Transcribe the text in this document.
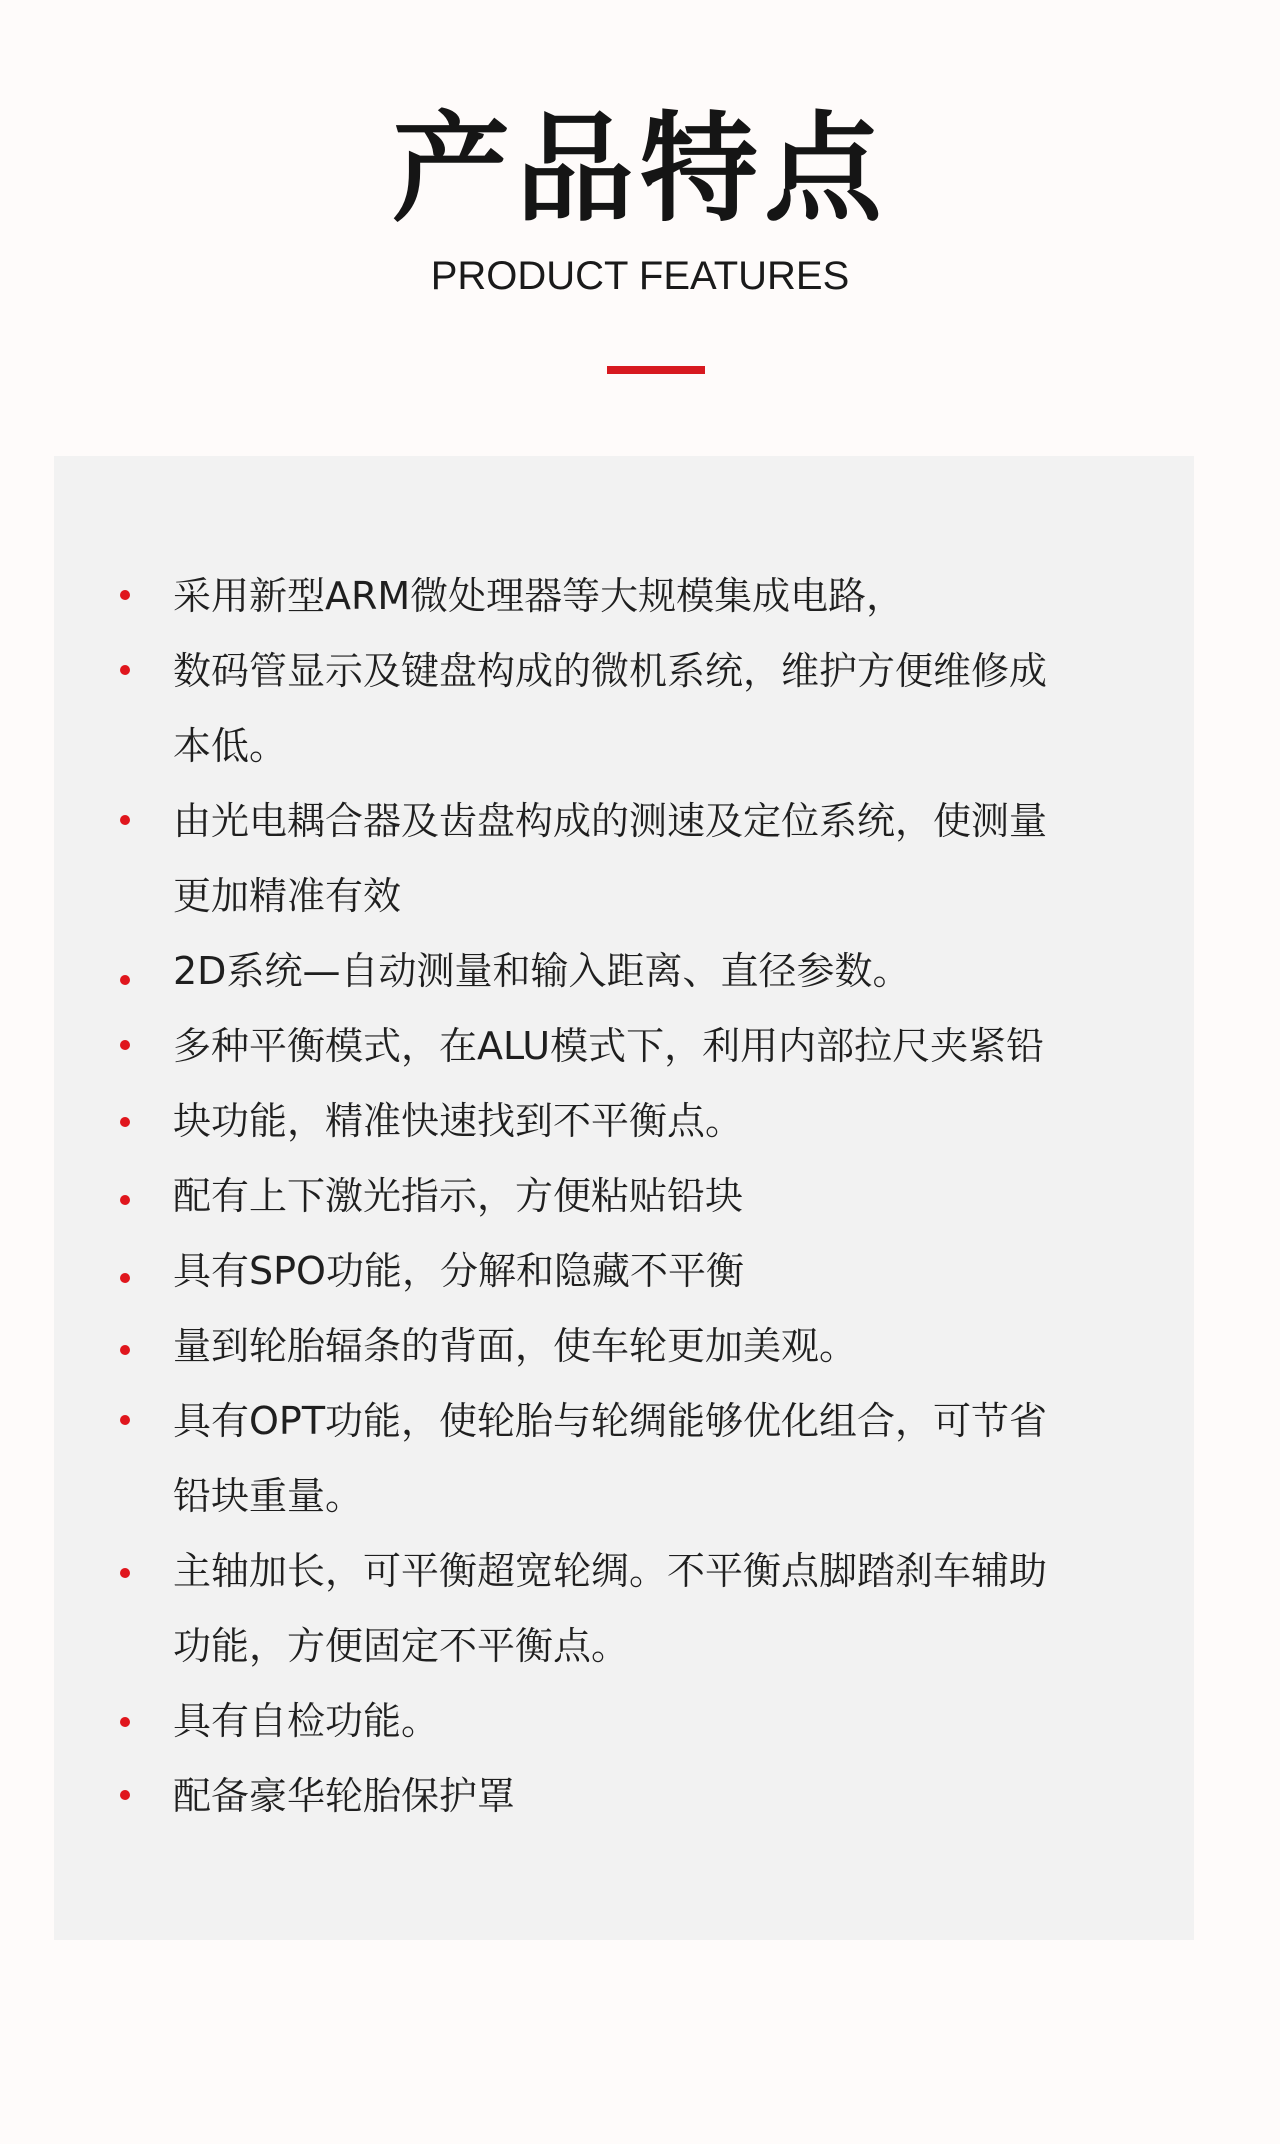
产品特点
PRODUCT FEATURES
采用新型ARM微处理器等大规模集成电路，
数码管显示及键盘构成的微机系统，维护方便维修成
本低。
由光电耦合器及齿盘构成的测速及定位系统，使测量
更加精准有效
2D系统—自动测量和输入距离、直径参数。
多种平衡模式，在ALU模式下，利用内部拉尺夹紧铅
块功能，精准快速找到不平衡点。
配有上下激光指示，方便粘贴铅块
具有SPO功能，分解和隐藏不平衡
量到轮胎辐条的背面，使车轮更加美观。
具有OPT功能，使轮胎与轮绸能够优化组合，可节省
铅块重量。
主轴加长，可平衡超宽轮绸。不平衡点脚踏刹车辅助
功能，方便固定不平衡点。
具有自检功能。
配备豪华轮胎保护罩
